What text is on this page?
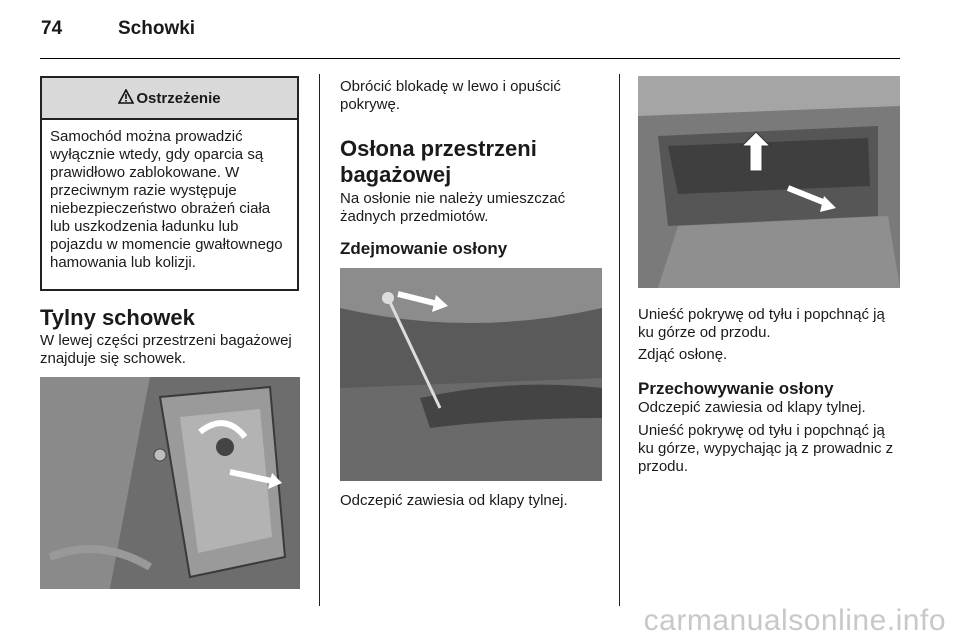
74	Schowki
Ostrzeżenie
Samochód można prowadzić wyłącznie wtedy, gdy oparcia są prawidłowo zablokowane. W przeciwnym razie występuje niebezpieczeństwo obrażeń ciała lub uszkodzenia ładunku lub pojazdu w momencie gwałtownego hamowania lub kolizji.
Tylny schowek
W lewej części przestrzeni bagażowej znajduje się schowek.
Obrócić blokadę w lewo i opuścić pokrywę.
Osłona przestrzeni bagażowej
Na osłonie nie należy umieszczać żadnych przedmiotów.
Zdejmowanie osłony
Odczepić zawiesia od klapy tylnej.
Unieść pokrywę od tyłu i popchnąć ją ku górze od przodu.
Zdjąć osłonę.
Przechowywanie osłony
Odczepić zawiesia od klapy tylnej.
Unieść pokrywę od tyłu i popchnąć ją ku górze, wypychając ją z prowadnic z przodu.
carmanualsonline.info
